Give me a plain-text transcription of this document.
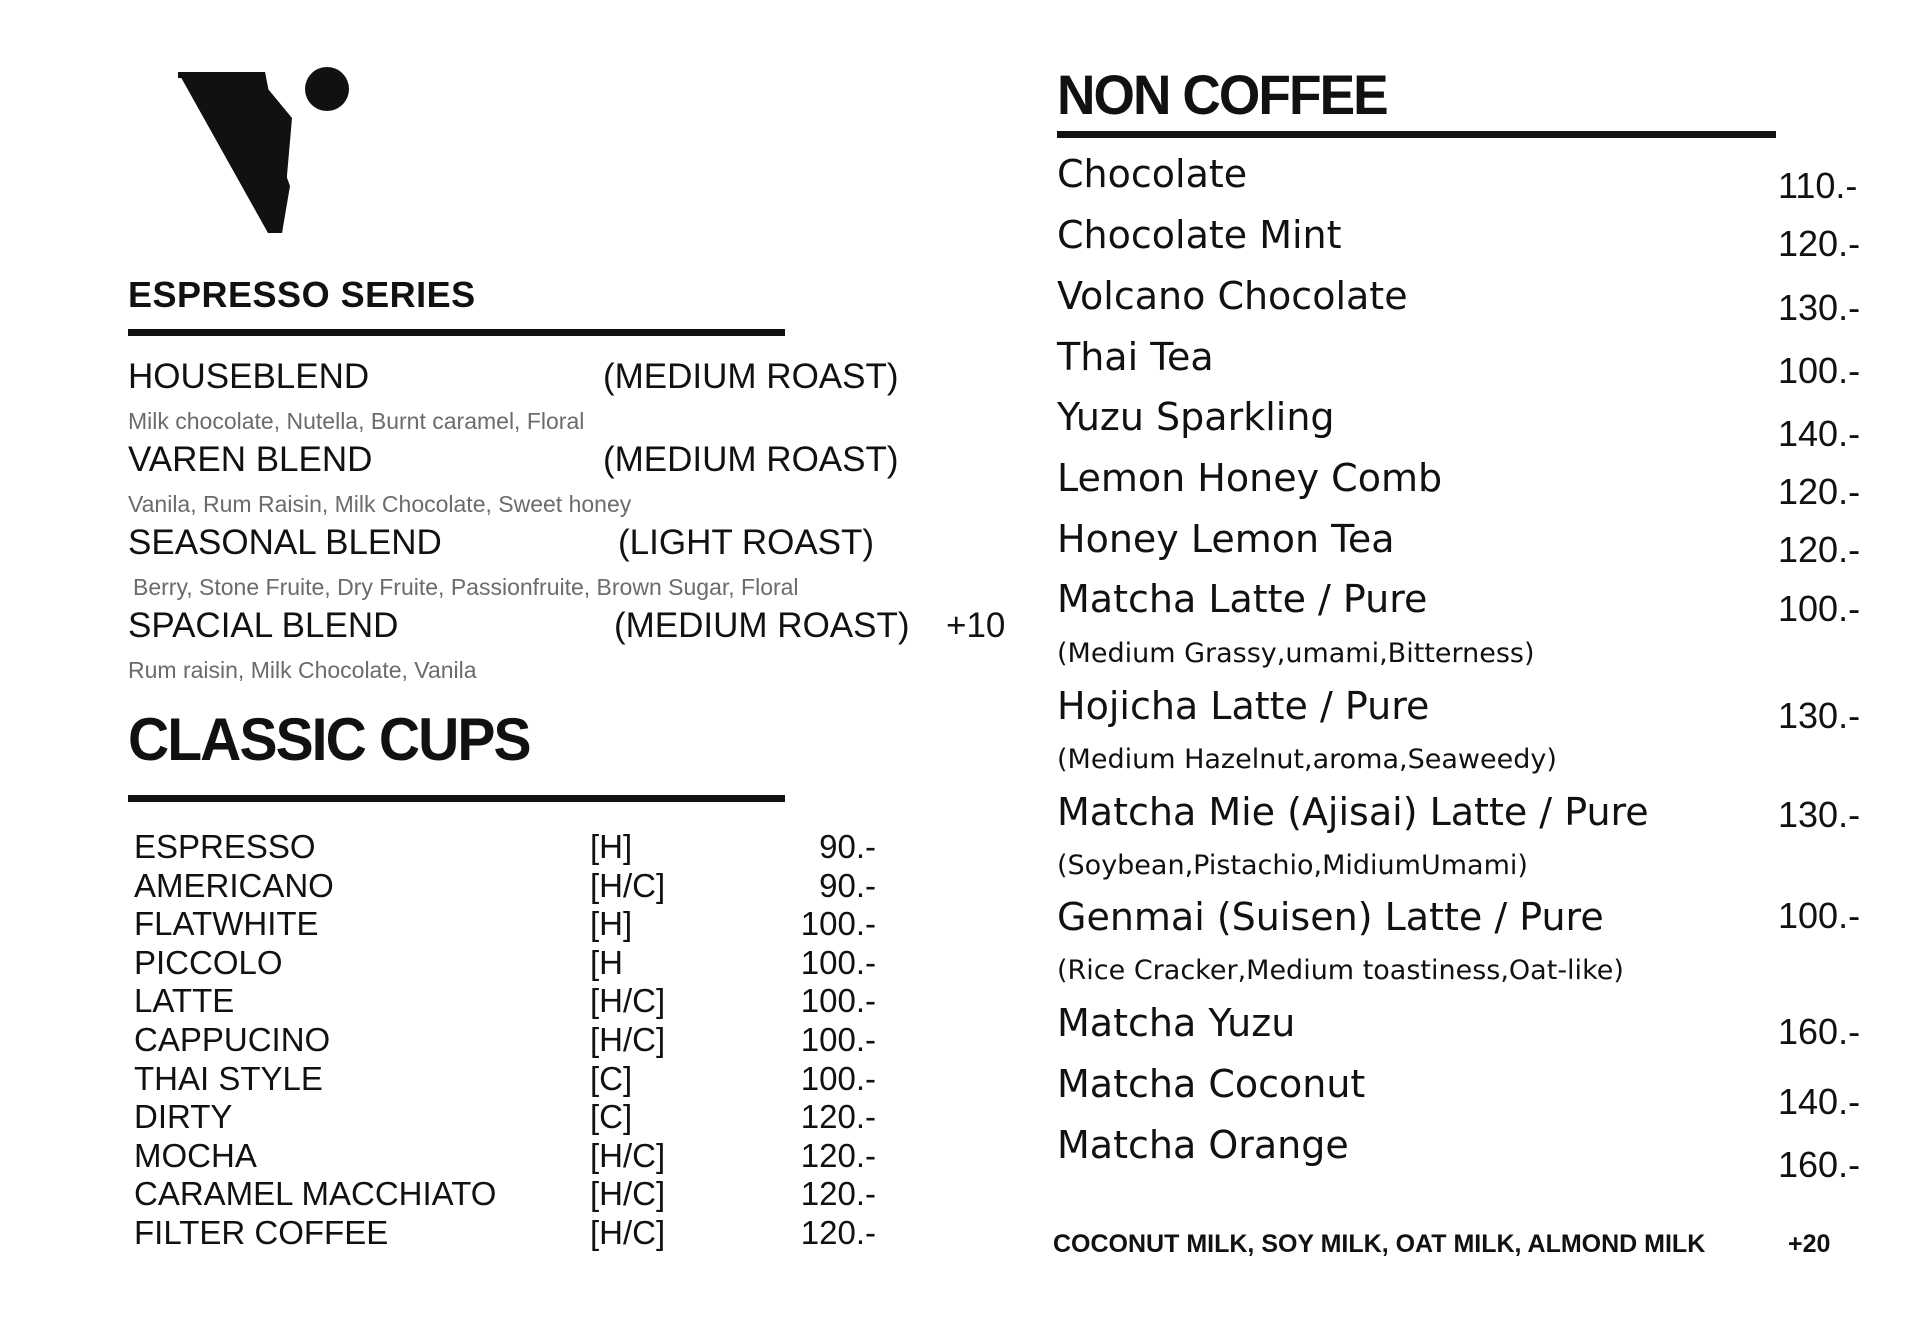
ESPRESSO SERIES
HOUSEBLEND	(MEDIUM ROAST)
Milk chocolate, Nutella, Burnt caramel, Floral
VAREN BLEND	(MEDIUM ROAST)
Vanila, Rum Raisin, Milk Chocolate, Sweet honey
SEASONAL BLEND	(LIGHT ROAST)
Berry, Stone Fruite, Dry Fruite, Passionfruite, Brown Sugar, Floral
SPACIAL BLEND	(MEDIUM ROAST) +10
Rum raisin, Milk Chocolate, Vanila
CLASSIC CUPS
ESPRESSO	[H]	90.-
AMERICANO	[H/C]	90.-
FLATWHITE	[H]	100.-
PICCOLO	[H	100.-
LATTE	[H/C]	100.-
CAPPUCINO	[H/C]	100.-
THAI STYLE	[C]	100.-
DIRTY	[C]	120.-
MOCHA	[H/C]	120.-
CARAMEL MACCHIATO	[H/C]	120.-
FILTER COFFEE	[H/C]	120.-
NON COFFEE
Chocolate	110.-
Chocolate Mint	120.-
Volcano Chocolate	130.-
Thai Tea	100.-
Yuzu Sparkling	140.-
Lemon Honey Comb	120.-
Honey Lemon Tea	120.-
Matcha Latte / Pure	100.-
(Medium Grassy,umami,Bitterness)
Hojicha Latte / Pure	130.-
(Medium Hazelnut,aroma,Seaweedy)
Matcha Mie (Ajisai) Latte / Pure	130.-
(Soybean,Pistachio,MidiumUmami)
Genmai (Suisen) Latte / Pure	100.-
(Rice Cracker,Medium toastiness,Oat-like)
Matcha Yuzu	160.-
Matcha Coconut	140.-
Matcha Orange	160.-
COCONUT MILK, SOY MILK, OAT MILK, ALMOND MILK	+20
